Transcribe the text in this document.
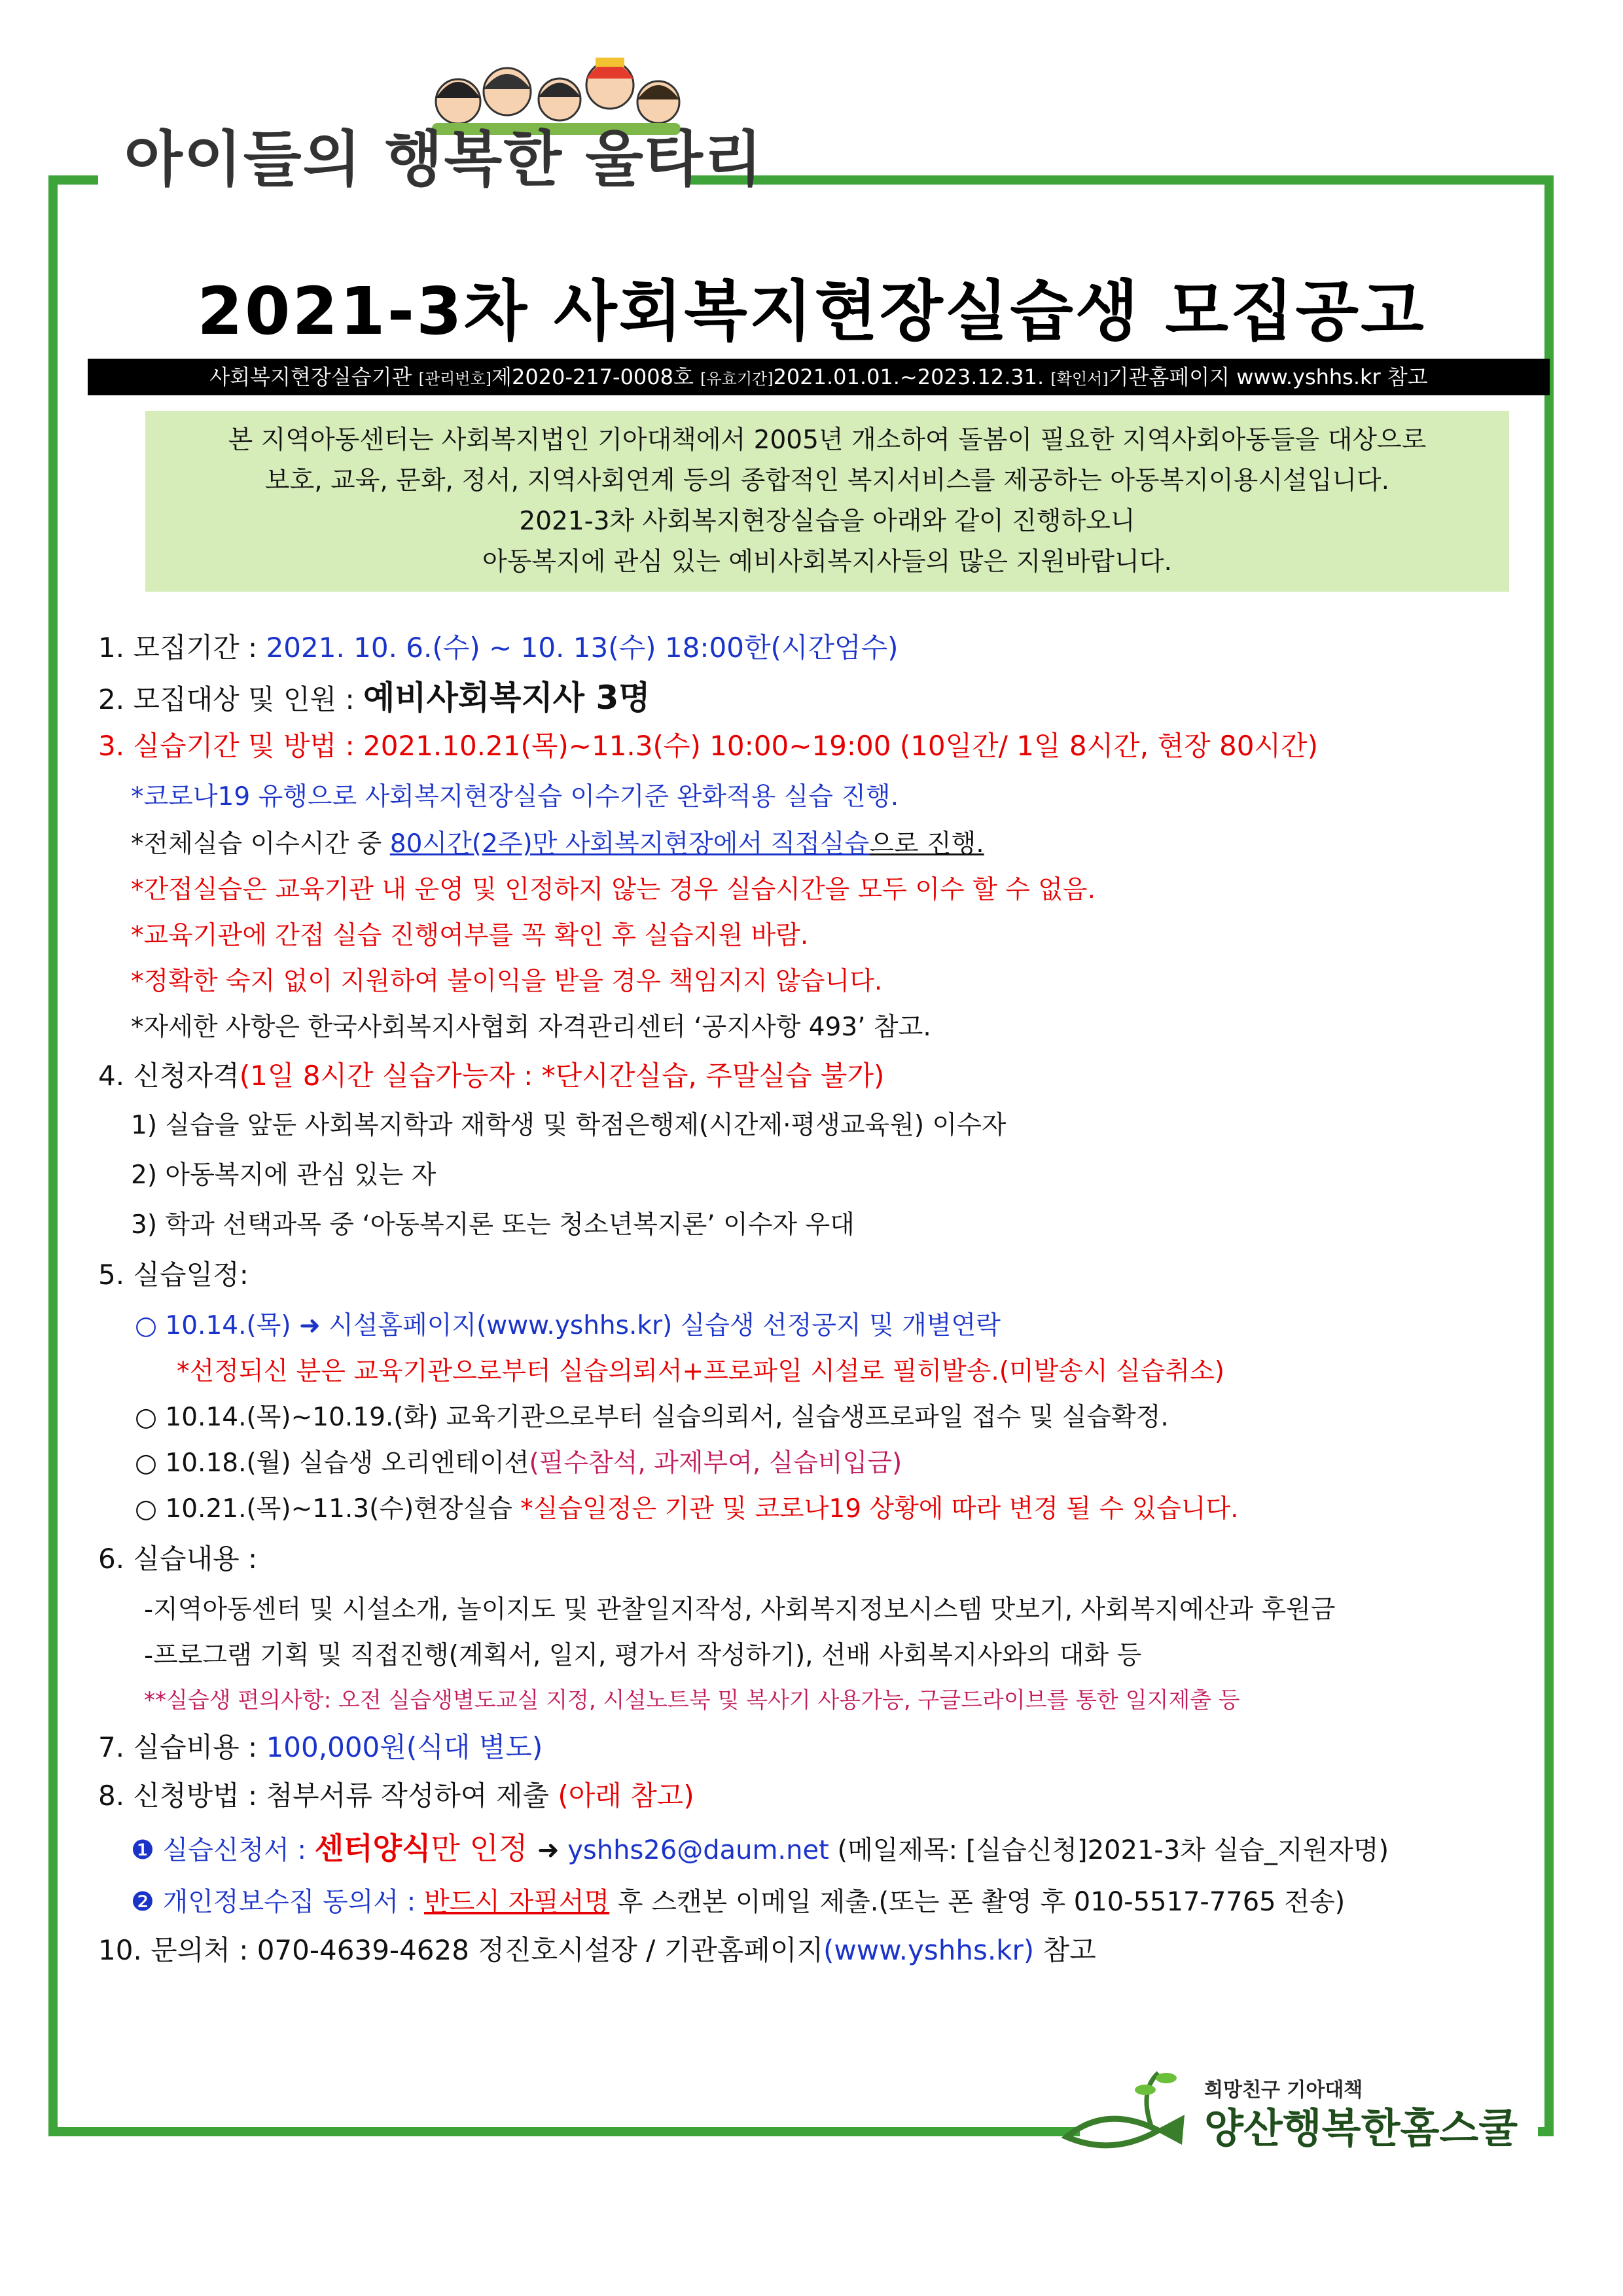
아이들의 행복한 울타리
2021-3차 사회복지현장실습생 모집공고
사회복지현장실습기관 [관리번호]제2020-217-0008호 [유효기간]2021.01.01.~2023.12.31. [확인서]기관홈페이지 www.yshhs.kr 참고
본 지역아동센터는 사회복지법인 기아대책에서 2005년 개소하여 돌봄이 필요한 지역사회아동들을 대상으로
보호, 교육, 문화, 정서, 지역사회연계 등의 종합적인 복지서비스를 제공하는 아동복지이용시설입니다.
2021-3차 사회복지현장실습을 아래와 같이 진행하오니
아동복지에 관심 있는 예비사회복지사들의 많은 지원바랍니다.
1. 모집기간 : 2021. 10. 6.(수) ~ 10. 13(수) 18:00한(시간엄수)
2. 모집대상 및 인원 : 예비사회복지사 3명
3. 실습기간 및 방법 : 2021.10.21(목)~11.3(수) 10:00~19:00 (10일간/ 1일 8시간, 현장 80시간)
*코로나19 유행으로 사회복지현장실습 이수기준 완화적용 실습 진행.
*전체실습 이수시간 중 80시간(2주)만 사회복지현장에서 직접실습으로 진행.
*간접실습은 교육기관 내 운영 및 인정하지 않는 경우 실습시간을 모두 이수 할 수 없음.
*교육기관에 간접 실습 진행여부를 꼭 확인 후 실습지원 바람.
*정확한 숙지 없이 지원하여 불이익을 받을 경우 책임지지 않습니다.
*자세한 사항은 한국사회복지사협회 자격관리센터 ‘공지사항 493’ 참고.
4. 신청자격(1일 8시간 실습가능자 : *단시간실습, 주말실습 불가)
1) 실습을 앞둔 사회복지학과 재학생 및 학점은행제(시간제·평생교육원) 이수자
2) 아동복지에 관심 있는 자
3) 학과 선택과목 중 ‘아동복지론 또는 청소년복지론’ 이수자 우대
5. 실습일정:
○ 10.14.(목) ➜ 시설홈페이지(www.yshhs.kr) 실습생 선정공지 및 개별연락
*선정되신 분은 교육기관으로부터 실습의뢰서+프로파일 시설로 필히발송.(미발송시 실습취소)
○ 10.14.(목)~10.19.(화) 교육기관으로부터 실습의뢰서, 실습생프로파일 접수 및 실습확정.
○ 10.18.(월) 실습생 오리엔테이션(필수참석, 과제부여, 실습비입금)
○ 10.21.(목)~11.3(수)현장실습 *실습일정은 기관 및 코로나19 상황에 따라 변경 될 수 있습니다.
6. 실습내용 :
-지역아동센터 및 시설소개, 놀이지도 및 관찰일지작성, 사회복지정보시스템 맛보기, 사회복지예산과 후원금
-프로그램 기획 및 직접진행(계획서, 일지, 평가서 작성하기), 선배 사회복지사와의 대화 등
**실습생 편의사항: 오전 실습생별도교실 지정, 시설노트북 및 복사기 사용가능, 구글드라이브를 통한 일지제출 등
7. 실습비용 : 100,000원(식대 별도)
8. 신청방법 : 첨부서류 작성하여 제출 (아래 참고)
❶ 실습신청서 : 센터양식만 인정 ➜ yshhs26@daum.net (메일제목: [실습신청]2021-3차 실습_지원자명)
❷ 개인정보수집 동의서 : 반드시 자필서명 후 스캔본 이메일 제출.(또는 폰 촬영 후 010-5517-7765 전송)
10. 문의처 : 070-4639-4628 정진호시설장 / 기관홈페이지(www.yshhs.kr) 참고
희망친구 기아대책
양산행복한홈스쿨
